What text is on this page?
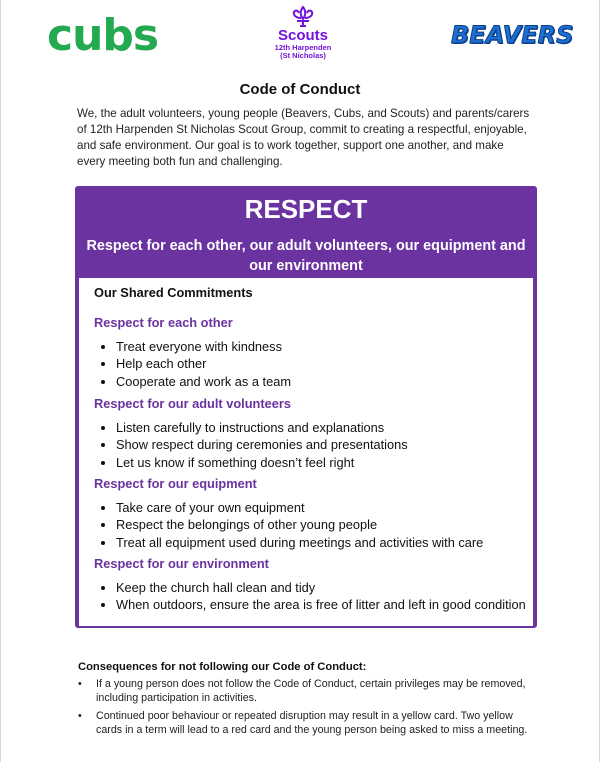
cubs	Scouts
12th Harpenden
(St Nicholas)
BEAVERS
Code of Conduct
We, the adult volunteers, young people (Beavers, Cubs, and Scouts) and parents/carers of 12th Harpenden St Nicholas Scout Group, commit to creating a respectful, enjoyable, and safe environment. Our goal is to work together, support one another, and make every meeting both fun and challenging.
RESPECT
Respect for each other, our adult volunteers, our equipment and our environment
Our Shared Commitments
Respect for each other
• Treat everyone with kindness
• Help each other
• Cooperate and work as a team
Respect for our adult volunteers
• Listen carefully to instructions and explanations
• Show respect during ceremonies and presentations
• Let us know if something doesn’t feel right
Respect for our equipment
• Take care of your own equipment
• Respect the belongings of other young people
• Treat all equipment used during meetings and activities with care
Respect for our environment
• Keep the church hall clean and tidy
• When outdoors, ensure the area is free of litter and left in good condition
Consequences for not following our Code of Conduct:
• If a young person does not follow the Code of Conduct, certain privileges may be removed, including participation in activities.
• Continued poor behaviour or repeated disruption may result in a yellow card. Two yellow cards in a term will lead to a red card and the young person being asked to miss a meeting.
